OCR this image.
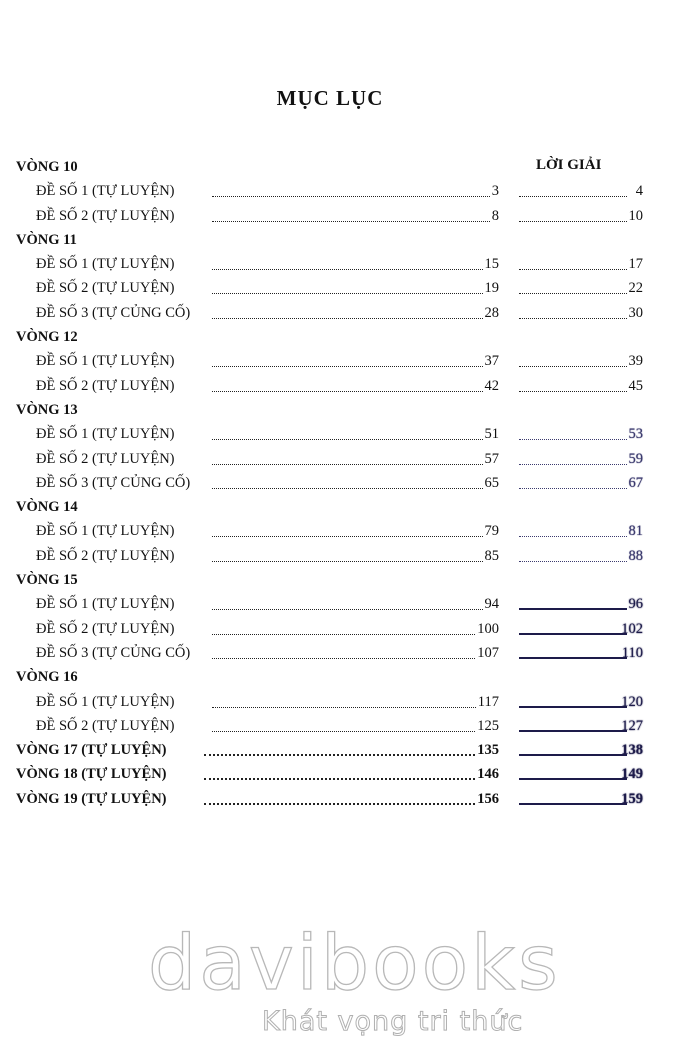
MỤC LỤC
LỜI GIẢI
VÒNG 10
ĐỀ SỐ 1 (TỰ LUYỆN)	3	4
ĐỀ SỐ 2 (TỰ LUYỆN)	8	10
VÒNG 11
ĐỀ SỐ 1 (TỰ LUYỆN)	15	17
ĐỀ SỐ 2 (TỰ LUYỆN)	19	22
ĐỀ SỐ 3 (TỰ CỦNG CỐ)	28	30
VÒNG 12
ĐỀ SỐ 1 (TỰ LUYỆN)	37	39
ĐỀ SỐ 2 (TỰ LUYỆN)	42	45
VÒNG 13
ĐỀ SỐ 1 (TỰ LUYỆN)	51	53
ĐỀ SỐ 2 (TỰ LUYỆN)	57	59
ĐỀ SỐ 3 (TỰ CỦNG CỐ)	65	67
VÒNG 14
ĐỀ SỐ 1 (TỰ LUYỆN)	79	81
ĐỀ SỐ 2 (TỰ LUYỆN)	85	88
VÒNG 15
ĐỀ SỐ 1 (TỰ LUYỆN)	94	96
ĐỀ SỐ 2 (TỰ LUYỆN)	100	102
ĐỀ SỐ 3 (TỰ CỦNG CỐ)	107	110
VÒNG 16
ĐỀ SỐ 1 (TỰ LUYỆN)	117	120
ĐỀ SỐ 2 (TỰ LUYỆN)	125	127
VÒNG 17 (TỰ LUYỆN)	135	138
VÒNG 18 (TỰ LUYỆN)	146	149
VÒNG 19 (TỰ LUYỆN)	156	159
davibooks
Khát vọng tri thức
